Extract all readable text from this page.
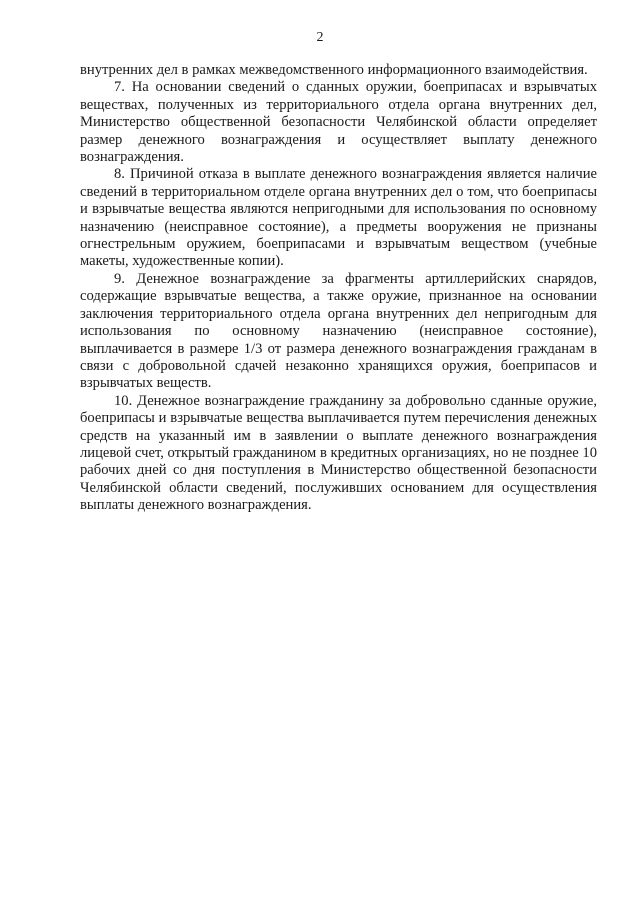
2

внутренних дел в рамках межведомственного информационного взаимодействия.

7. На основании сведений о сданных оружии, боеприпасах и взрывчатых веществах, полученных из территориального отдела органа внутренних дел, Министерство общественной безопасности Челябинской области определяет размер денежного вознаграждения и осуществляет выплату денежного вознаграждения.

8. Причиной отказа в выплате денежного вознаграждения является наличие сведений в территориальном отделе органа внутренних дел о том, что боеприпасы и взрывчатые вещества являются непригодными для использования по основному назначению (неисправное состояние), а предметы вооружения не признаны огнестрельным оружием, боеприпасами и взрывчатым веществом (учебные макеты, художественные копии).

9. Денежное вознаграждение за фрагменты артиллерийских снарядов, содержащие взрывчатые вещества, а также оружие, признанное на основании заключения территориального отдела органа внутренних дел непригодным для использования по основному назначению (неисправное состояние), выплачивается в размере 1/3 от размера денежного вознаграждения гражданам в связи с добровольной сдачей незаконно хранящихся оружия, боеприпасов и взрывчатых веществ.

10. Денежное вознаграждение гражданину за добровольно сданные оружие, боеприпасы и взрывчатые вещества выплачивается путем перечисления денежных средств на указанный им в заявлении о выплате денежного вознаграждения лицевой счет, открытый гражданином в кредитных организациях, но не позднее 10 рабочих дней со дня поступления в Министерство общественной безопасности Челябинской области сведений, послуживших основанием для осуществления выплаты денежного вознаграждения.
